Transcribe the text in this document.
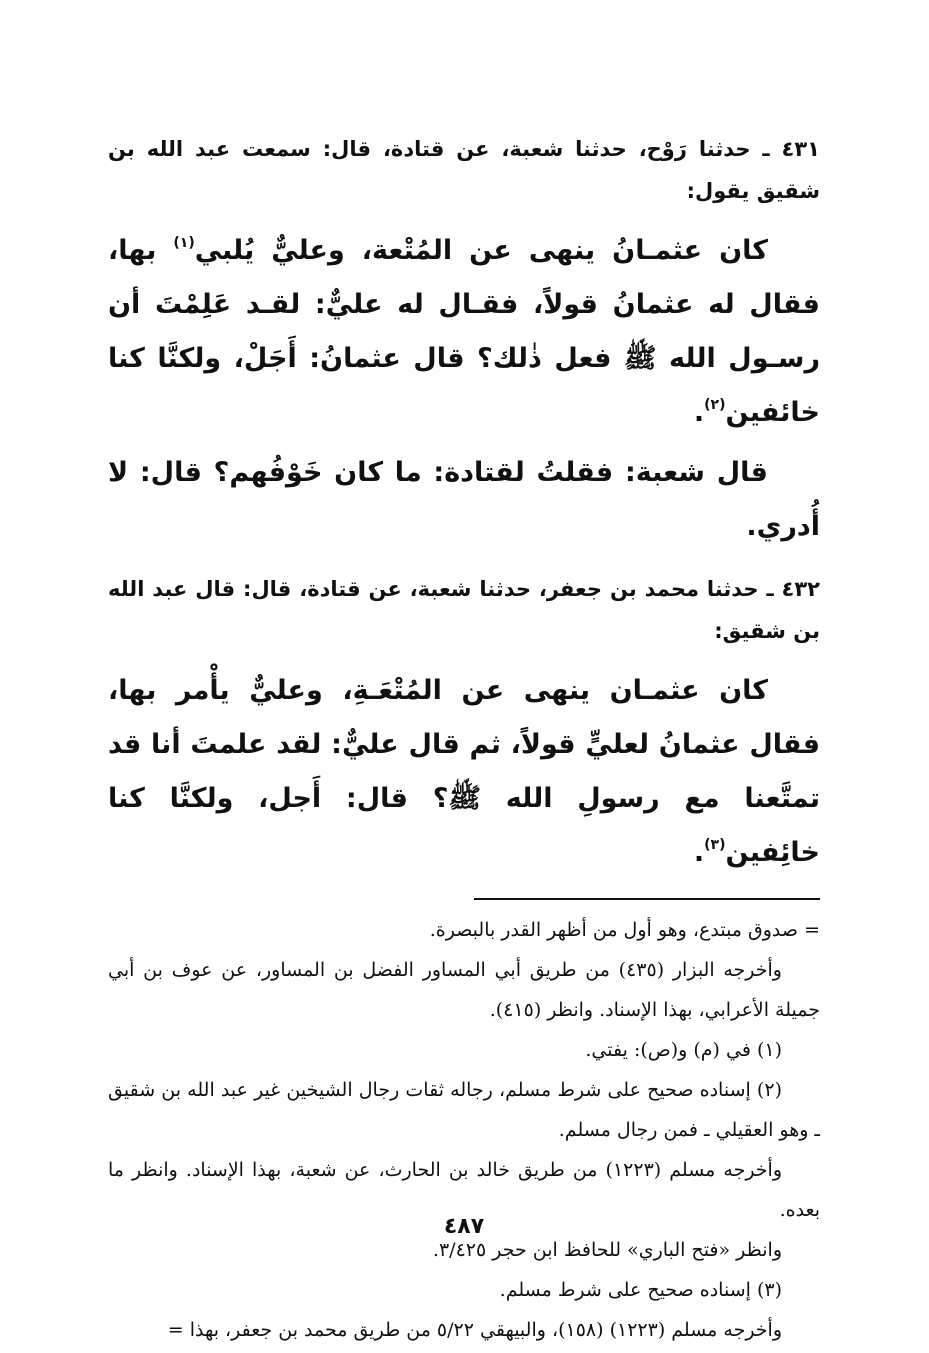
٤٣١ ـ حدثنا رَوْح، حدثنا شعبة، عن قتادة، قال: سمعت عبد الله بن شقيق يقول:

كان عثمـانُ ينهى عن المُتْعة، وعليٌّ يُلبي$^{(١)}$ بها، فقال له عثمانُ قولاً، فقـال له عليٌّ: لقـد عَلِمْتَ أن رسـول الله ﷺ فعل ذٰلك؟ قال عثمانُ: أَجَلْ، ولكنَّا كنا خائفين$^{(٢)}$.

قال شعبة: فقلتُ لقتادة: ما كان خَوْفُهم؟ قال: لا أُدري.

٤٣٢ ـ حدثنا محمد بن جعفر، حدثنا شعبة، عن قتادة، قال: قال عبد الله بن شقيق:

كان عثمـان ينهى عن المُتْعَـةِ، وعليٌّ يأْمر بها، فقال عثمانُ لعليٍّ قولاً، ثم قال عليٌّ: لقد علمتَ أنا قد تمتَّعنا مع رسولِ الله ﷺ؟ قال: أَجل، ولكنَّا كنا خائِفين$^{(٣)}$.

= صدوق مبتدع، وهو أول من أظهر القدر بالبصرة.

وأخرجه البزار (٤٣٥) من طريق أبي المساور الفضل بن المساور، عن عوف بن أبي جميلة الأعرابي، بهذا الإسناد. وانظر (٤١٥).

(١) في (م) و(ص): يفتي.

(٢) إسناده صحيح على شرط مسلم، رجاله ثقات رجال الشيخين غير عبد الله بن شقيق ـ وهو العقيلي ـ فمن رجال مسلم.

وأخرجه مسلم (١٢٢٣) من طريق خالد بن الحارث، عن شعبة، بهذا الإسناد. وانظر ما بعده.

وانظر «فتح الباري» للحافظ ابن حجر ٣/٤٢٥.

(٣) إسناده صحيح على شرط مسلم.

وأخرجه مسلم (١٢٢٣) (١٥٨)، والبيهقي ٥/٢٢ من طريق محمد بن جعفر، بهذا =

٤٨٧
